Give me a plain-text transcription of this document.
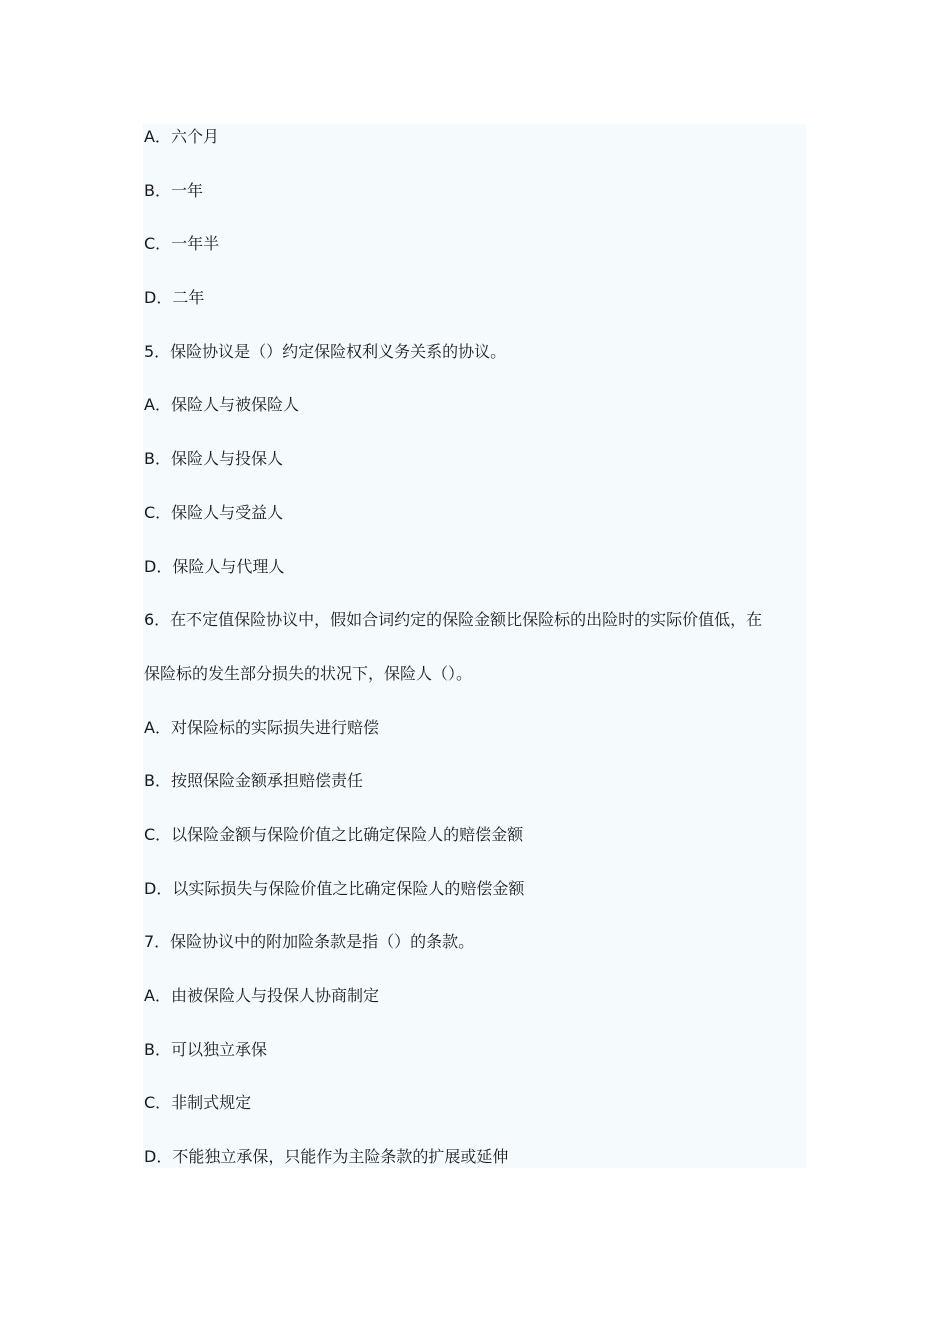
A．六个月
B．一年
C．一年半
D．二年
5．保险协议是（）约定保险权利义务关系的协议。
A．保险人与被保险人
B．保险人与投保人
C．保险人与受益人
D．保险人与代理人
6．在不定值保险协议中，假如合词约定的保险金额比保险标的出险时的实际价值低，在
保险标的发生部分损失的状况下，保险人（）。
A．对保险标的实际损失进行赔偿
B．按照保险金额承担赔偿责任
C．以保险金额与保险价值之比确定保险人的赔偿金额
D．以实际损失与保险价值之比确定保险人的赔偿金额
7．保险协议中的附加险条款是指（）的条款。
A．由被保险人与投保人协商制定
B．可以独立承保
C．非制式规定
D．不能独立承保，只能作为主险条款的扩展或延伸
